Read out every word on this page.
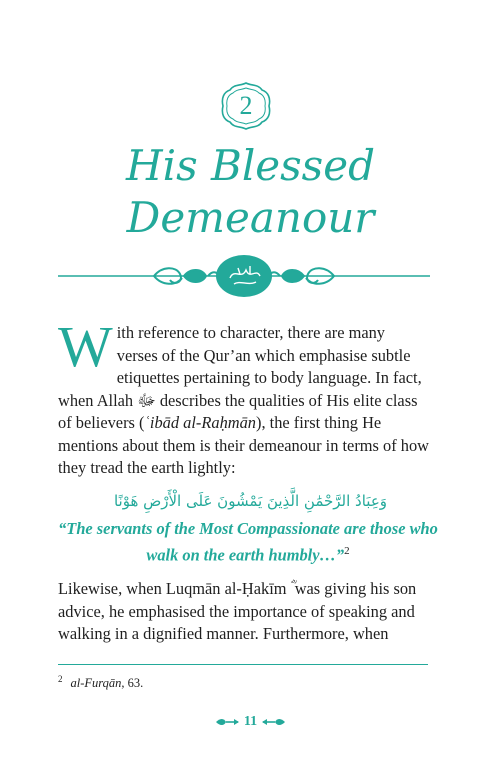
2
His Blessed
Demeanour
With reference to character, there are many verses of the Qur’an which emphasise subtle etiquettes pertaining to body language. In fact, when Allah ﷻ describes the qualities of His elite class of believers (ʿibād al-Raḥmān), the first thing He mentions about them is their demeanour in terms of how they tread the earth lightly:
وَعِبَادُ الرَّحْمَٰنِ الَّذِينَ يَمْشُونَ عَلَى الْأَرْضِ هَوْنًا
“The servants of the Most Compassionate are those who walk on the earth humbly…”$^2$
Likewise, when Luqmān al-Ḥakīm ؓ was giving his son advice, he emphasised the importance of speaking and walking in a dignified manner. Furthermore, when
$^2$ al-Furqān, 63.
11
